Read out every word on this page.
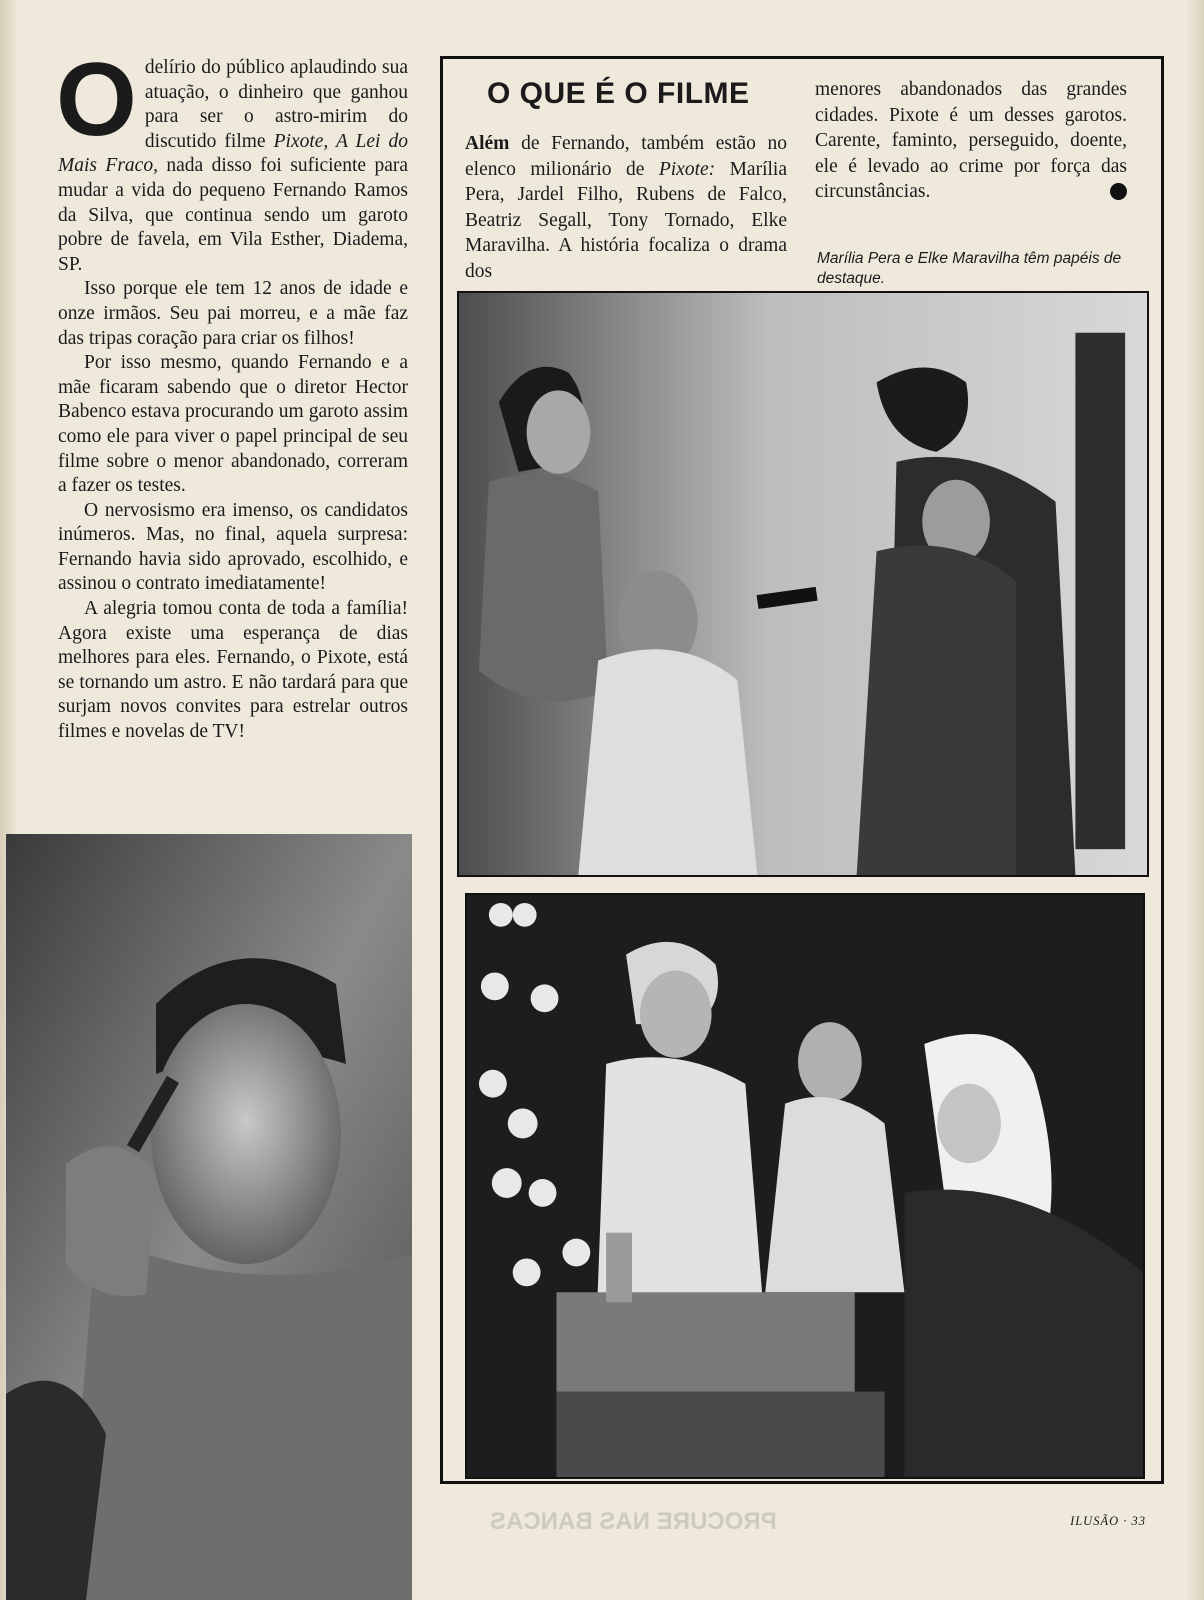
Odelírio do público aplaudindo sua atuação, o dinheiro que ganhou para ser o astro-mirim do discutido filme Pixote, A Lei do Mais Fraco, nada disso foi suficiente para mudar a vida do pequeno Fernando Ramos da Silva, que continua sendo um garoto pobre de favela, em Vila Esther, Diadema, SP.

Isso porque ele tem 12 anos de idade e onze irmãos. Seu pai morreu, e a mãe faz das tripas coração para criar os filhos!

Por isso mesmo, quando Fernando e a mãe ficaram sabendo que o diretor Hector Babenco estava procurando um garoto assim como ele para viver o papel principal de seu filme sobre o menor abandonado, correram a fazer os testes.

O nervosismo era imenso, os candidatos inúmeros. Mas, no final, aquela surpresa: Fernando havia sido aprovado, escolhido, e assinou o contrato imediatamente!

A alegria tomou conta de toda a família! Agora existe uma esperança de dias melhores para eles. Fernando, o Pixote, está se tornando um astro. E não tardará para que surjam novos convites para estrelar outros filmes e novelas de TV!

O QUE É O FILME

Além de Fernando, também estão no elenco milionário de Pixote: Marília Pera, Jardel Filho, Rubens de Falco, Beatriz Segall, Tony Tornado, Elke Maravilha. A história focaliza o drama dos

menores abandonados das grandes cidades. Pixote é um desses garotos. Carente, faminto, perseguido, doente, ele é levado ao crime por força das circunstâncias.

Marília Pera e Elke Maravilha têm papéis de destaque.
PROCURE NAS BANCAS	ILUSÃO · 33
